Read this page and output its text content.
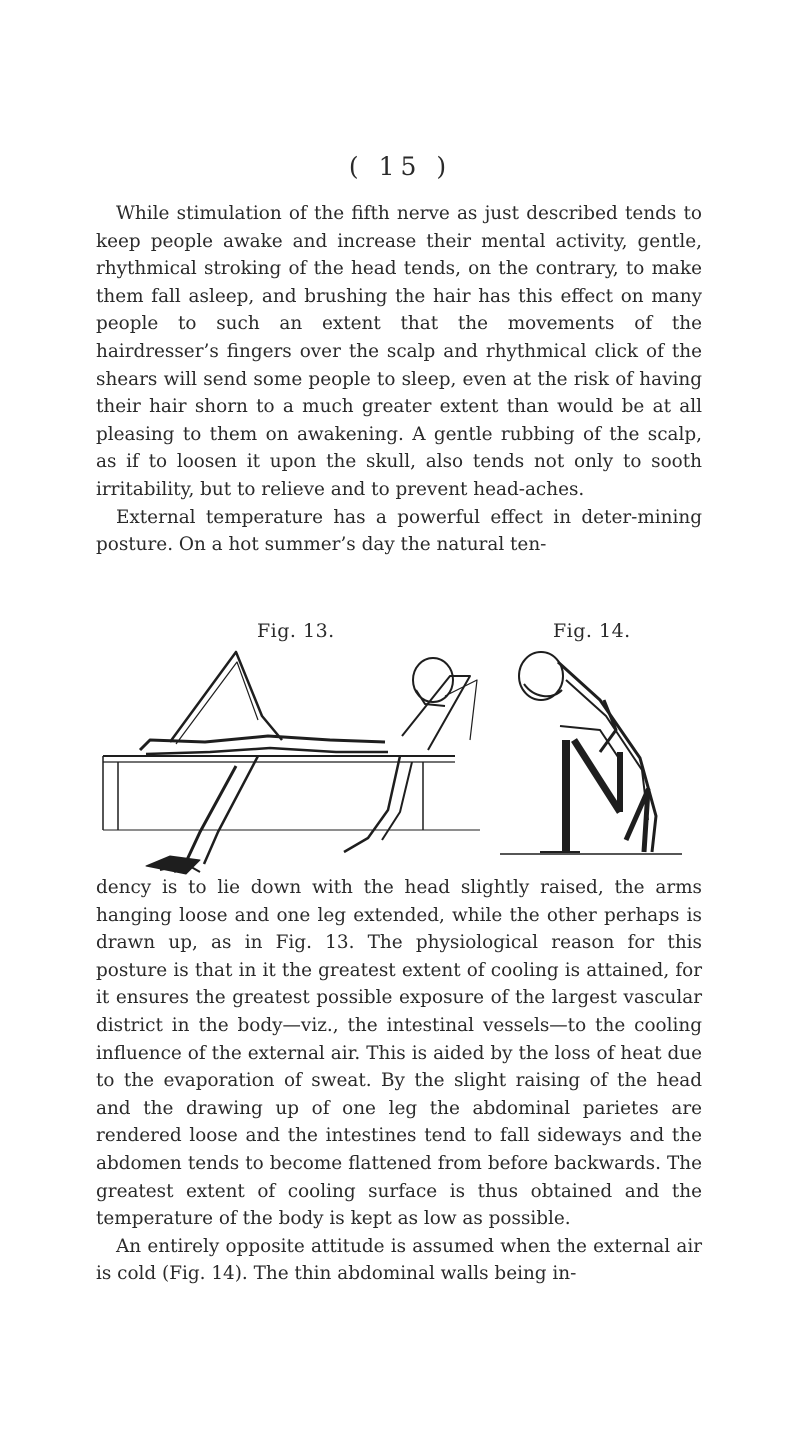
( 15 )

While stimulation of the fifth nerve as just described tends to keep people awake and increase their mental activity, gentle, rhythmical stroking of the head tends, on the contrary, to make them fall asleep, and brushing the hair has this effect on many people to such an extent that the movements of the hairdresser’s fingers over the scalp and rhythmical click of the shears will send some people to sleep, even at the risk of having their hair shorn to a much greater extent than would be at all pleasing to them on awakening. A gentle rubbing of the scalp, as if to loosen it upon the skull, also tends not only to sooth irritability, but to relieve and to prevent head-aches.

External temperature has a powerful effect in deter-mining posture. On a hot summer’s day the natural ten-

Fig. 13.	Fig. 14.

dency is to lie down with the head slightly raised, the arms hanging loose and one leg extended, while the other perhaps is drawn up, as in Fig. 13. The physiological reason for this posture is that in it the greatest extent of cooling is attained, for it ensures the greatest possible exposure of the largest vascular district in the body—viz., the intestinal vessels—to the cooling influence of the external air. This is aided by the loss of heat due to the evaporation of sweat. By the slight raising of the head and the drawing up of one leg the abdominal parietes are rendered loose and the intestines tend to fall sideways and the abdomen tends to become flattened from before backwards. The greatest extent of cooling surface is thus obtained and the temperature of the body is kept as low as possible.

An entirely opposite attitude is assumed when the external air is cold (Fig. 14). The thin abdominal walls being in-
